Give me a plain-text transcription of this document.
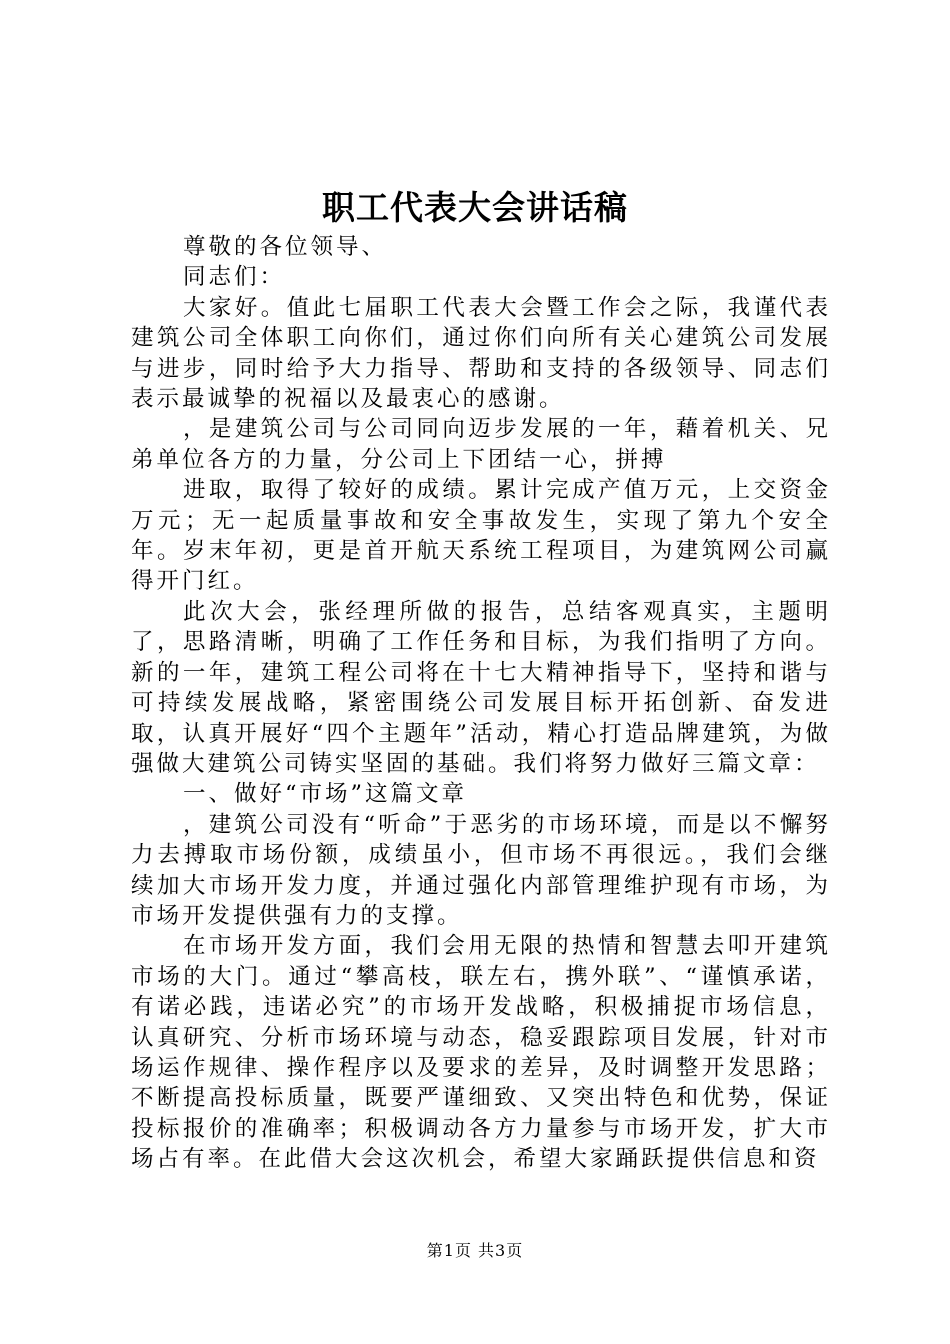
职工代表大会讲话稿

尊敬的各位领导、

同志们：

大家好。值此七届职工代表大会暨工作会之际，我谨代表建筑公司全体职工向你们，通过你们向所有关心建筑公司发展与进步，同时给予大力指导、帮助和支持的各级领导、同志们表示最诚挚的祝福以及最衷心的感谢。

，是建筑公司与公司同向迈步发展的一年，藉着机关、兄弟单位各方的力量，分公司上下团结一心，拼搏

进取，取得了较好的成绩。累计完成产值万元，上交资金万元；无一起质量事故和安全事故发生，实现了第九个安全年。岁末年初，更是首开航天系统工程项目，为建筑网公司赢得开门红。

此次大会，张经理所做的报告，总结客观真实，主题明了，思路清晰，明确了工作任务和目标，为我们指明了方向。新的一年，建筑工程公司将在十七大精神指导下，坚持和谐与可持续发展战略，紧密围绕公司发展目标开拓创新、奋发进取，认真开展好“四个主题年”活动，精心打造品牌建筑，为做强做大建筑公司铸实坚固的基础。我们将努力做好三篇文章：

一、做好“市场”这篇文章

，建筑公司没有“听命”于恶劣的市场环境，而是以不懈努力去搏取市场份额，成绩虽小，但市场不再很远。，我们会继续加大市场开发力度，并通过强化内部管理维护现有市场，为市场开发提供强有力的支撑。

在市场开发方面，我们会用无限的热情和智慧去叩开建筑市场的大门。通过“攀高枝，联左右，携外联”、“谨慎承诺，有诺必践，违诺必究”的市场开发战略，积极捕捉市场信息，认真研究、分析市场环境与动态，稳妥跟踪项目发展，针对市场运作规律、操作程序以及要求的差异，及时调整开发思路；不断提高投标质量，既要严谨细致、又突出特色和优势，保证投标报价的准确率；积极调动各方力量参与市场开发，扩大市场占有率。在此借大会这次机会，希望大家踊跃提供信息和资

第1页 共3页
